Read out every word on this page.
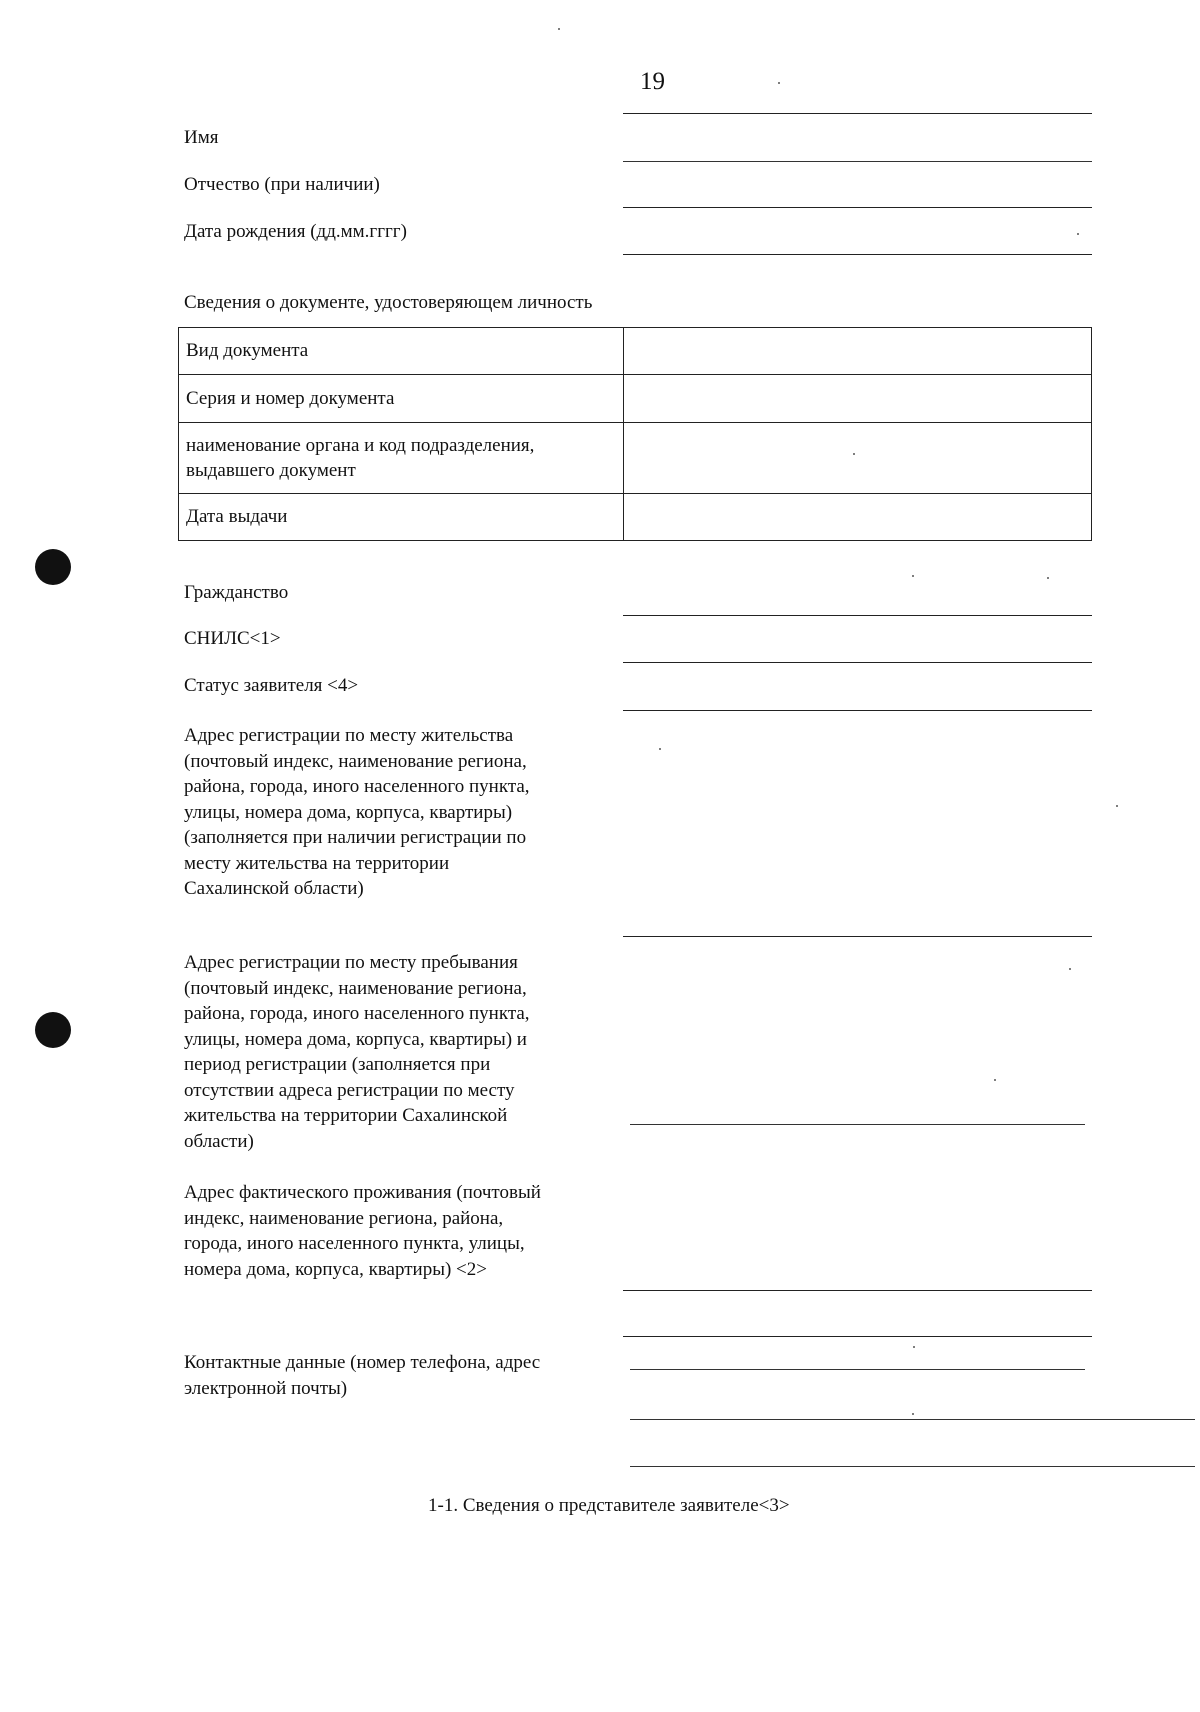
19
Имя
Отчество (при наличии)
Дата рождения (дд.мм.гггг)
Сведения о документе, удостоверяющем личность
Вид документа	
Серия и номер документа	

наименование органа и код подразделения,
выдавшего документ	

Дата выдачи	
Гражданство
СНИЛС<1>
Статус заявителя <4>
Адрес регистрации по месту жительства
(почтовый индекс, наименование региона,
района, города, иного населенного пункта,
улицы, номера дома, корпуса, квартиры)
(заполняется при наличии регистрации по
месту жительства на территории
Сахалинской области)
Адрес регистрации по месту пребывания
(почтовый индекс, наименование региона,
района, города, иного населенного пункта,
улицы, номера дома, корпуса, квартиры) и
период регистрации (заполняется при
отсутствии адреса регистрации по месту
жительства на территории Сахалинской
области)
Адрес фактического проживания (почтовый
индекс, наименование региона, района,
города, иного населенного пункта, улицы,
номера дома, корпуса, квартиры) <2>
Контактные данные (номер телефона, адрес
электронной почты)
1-1. Сведения о представителе заявителе<3>
